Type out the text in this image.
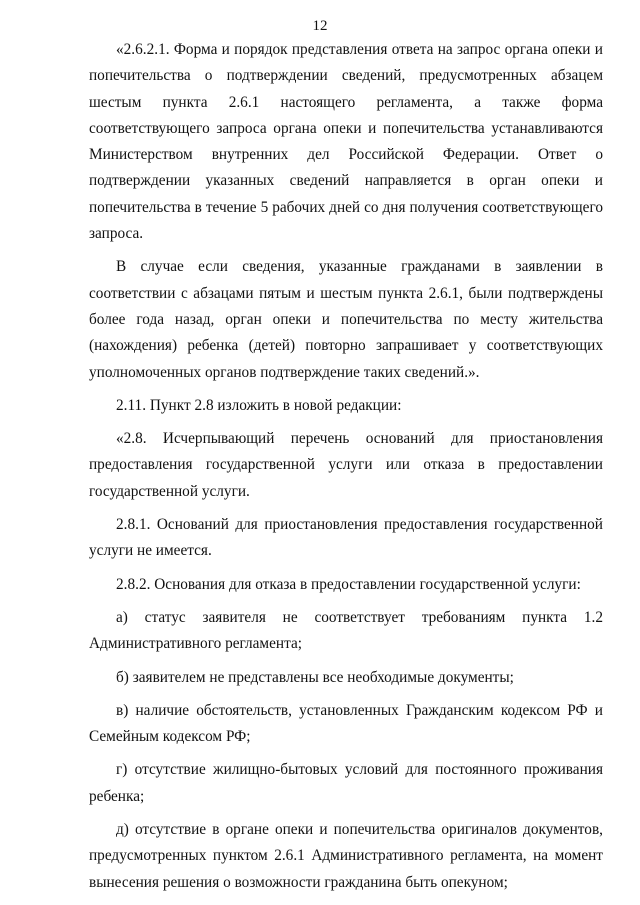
12

«2.6.2.1. Форма и порядок представления ответа на запрос органа опеки и попечительства о подтверждении сведений, предусмотренных абзацем шестым пункта 2.6.1 настоящего регламента, а также форма соответствующего запроса органа опеки и попечительства устанавливаются Министерством внутренних дел Российской Федерации. Ответ о подтверждении указанных сведений направляется в орган опеки и попечительства в течение 5 рабочих дней со дня получения соответствующего запроса.

В случае если сведения, указанные гражданами в заявлении в соответствии с абзацами пятым и шестым пункта 2.6.1, были подтверждены более года назад, орган опеки и попечительства по месту жительства (нахождения) ребенка (детей) повторно запрашивает у соответствующих уполномоченных органов подтверждение таких сведений.».

2.11. Пункт 2.8 изложить в новой редакции:

«2.8. Исчерпывающий перечень оснований для приостановления предоставления государственной услуги или отказа в предоставлении государственной услуги.

2.8.1. Оснований для приостановления предоставления государственной услуги не имеется.

2.8.2. Основания для отказа в предоставлении государственной услуги:

а) статус заявителя не соответствует требованиям пункта 1.2 Административного регламента;

б) заявителем не представлены все необходимые документы;

в) наличие обстоятельств, установленных Гражданским кодексом РФ и Семейным кодексом РФ;

г) отсутствие жилищно-бытовых условий для постоянного проживания ребенка;

д) отсутствие в органе опеки и попечительства оригиналов документов, предусмотренных пунктом 2.6.1 Административного регламента, на момент вынесения решения о возможности гражданина быть опекуном;
